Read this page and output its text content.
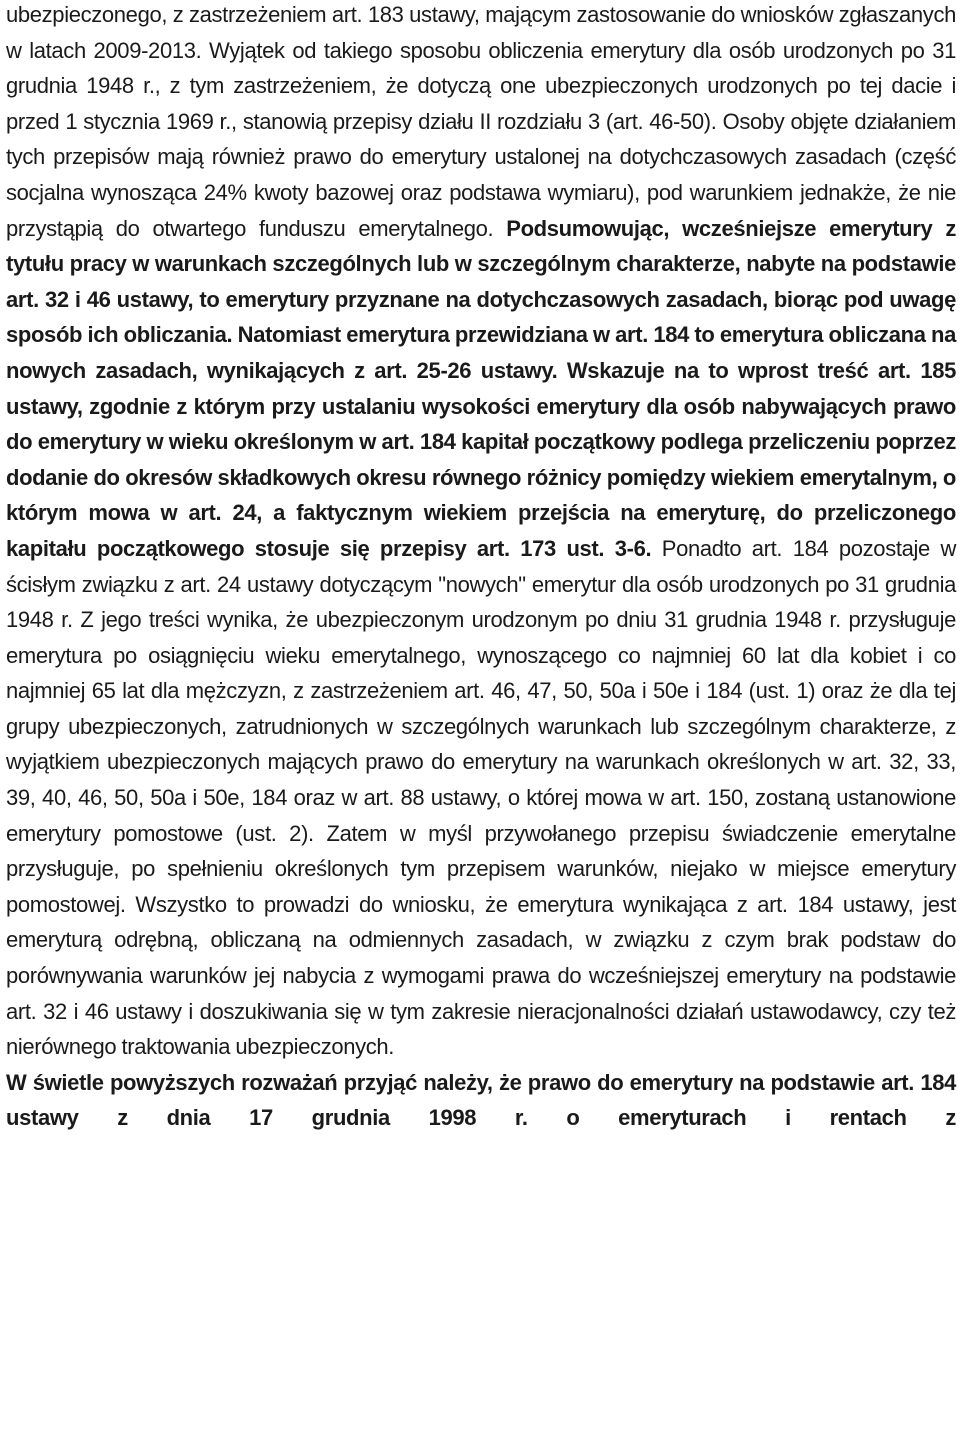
ubezpieczonego, z zastrzeżeniem art. 183 ustawy, mającym zastosowanie do wniosków zgłaszanych w latach 2009-2013. Wyjątek od takiego sposobu obliczenia emerytury dla osób urodzonych po 31 grudnia 1948 r., z tym zastrzeżeniem, że dotyczą one ubezpieczonych urodzonych po tej dacie i przed 1 stycznia 1969 r., stanowią przepisy działu II rozdziału 3 (art. 46-50). Osoby objęte działaniem tych przepisów mają również prawo do emerytury ustalonej na dotychczasowych zasadach (część socjalna wynosząca 24% kwoty bazowej oraz podstawa wymiaru), pod warunkiem jednakże, że nie przystąpią do otwartego funduszu emerytalnego. Podsumowując, wcześniejsze emerytury z tytułu pracy w warunkach szczególnych lub w szczególnym charakterze, nabyte na podstawie art. 32 i 46 ustawy, to emerytury przyznane na dotychczasowych zasadach, biorąc pod uwagę sposób ich obliczania. Natomiast emerytura przewidziana w art. 184 to emerytura obliczana na nowych zasadach, wynikających z art. 25-26 ustawy. Wskazuje na to wprost treść art. 185 ustawy, zgodnie z którym przy ustalaniu wysokości emerytury dla osób nabywających prawo do emerytury w wieku określonym w art. 184 kapitał początkowy podlega przeliczeniu poprzez dodanie do okresów składkowych okresu równego różnicy pomiędzy wiekiem emerytalnym, o którym mowa w art. 24, a faktycznym wiekiem przejścia na emeryturę, do przeliczonego kapitału początkowego stosuje się przepisy art. 173 ust. 3-6. Ponadto art. 184 pozostaje w ścisłym związku z art. 24 ustawy dotyczącym "nowych" emerytur dla osób urodzonych po 31 grudnia 1948 r. Z jego treści wynika, że ubezpieczonym urodzonym po dniu 31 grudnia 1948 r. przysługuje emerytura po osiągnięciu wieku emerytalnego, wynoszącego co najmniej 60 lat dla kobiet i co najmniej 65 lat dla mężczyzn, z zastrzeżeniem art. 46, 47, 50, 50a i 50e i 184 (ust. 1) oraz że dla tej grupy ubezpieczonych, zatrudnionych w szczególnych warunkach lub szczególnym charakterze, z wyjątkiem ubezpieczonych mających prawo do emerytury na warunkach określonych w art. 32, 33, 39, 40, 46, 50, 50a i 50e, 184 oraz w art. 88 ustawy, o której mowa w art. 150, zostaną ustanowione emerytury pomostowe (ust. 2). Zatem w myśl przywołanego przepisu świadczenie emerytalne przysługuje, po spełnieniu określonych tym przepisem warunków, niejako w miejsce emerytury pomostowej. Wszystko to prowadzi do wniosku, że emerytura wynikająca z art. 184 ustawy, jest emeryturą odrębną, obliczaną na odmiennych zasadach, w związku z czym brak podstaw do porównywania warunków jej nabycia z wymogami prawa do wcześniejszej emerytury na podstawie art. 32 i 46 ustawy i doszukiwania się w tym zakresie nieracjonalności działań ustawodawcy, czy też nierównego traktowania ubezpieczonych.

W świetle powyższych rozważań przyjąć należy, że prawo do emerytury na podstawie art. 184 ustawy z dnia 17 grudnia 1998 r. o emeryturach i rentach z
